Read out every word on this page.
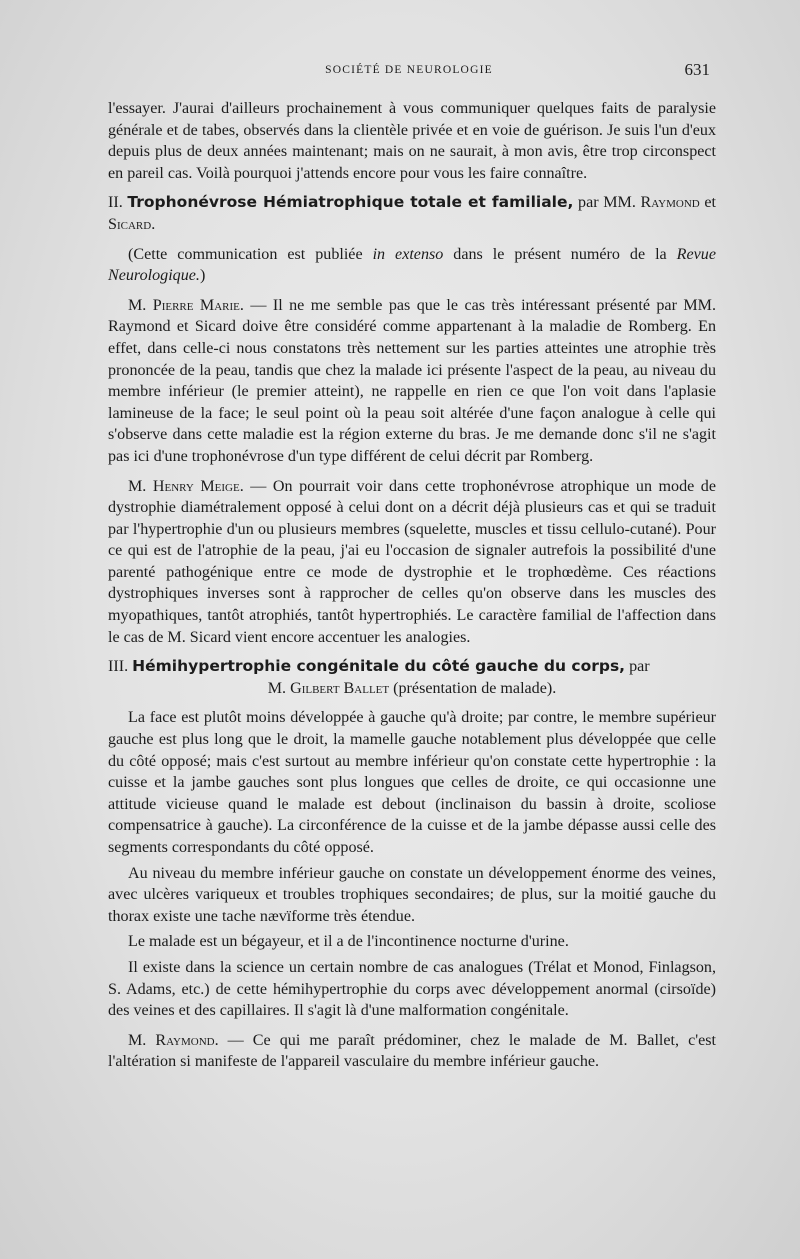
SOCIÉTÉ DE NEUROLOGIE	631

l'essayer. J'aurai d'ailleurs prochainement à vous communiquer quelques faits de paralysie générale et de tabes, observés dans la clientèle privée et en voie de guérison. Je suis l'un d'eux depuis plus de deux années maintenant; mais on ne saurait, à mon avis, être trop circonspect en pareil cas. Voilà pourquoi j'attends encore pour vous les faire connaître.

II. Trophonévrose Hémiatrophique totale et familiale, par MM. Raymond et Sicard.

(Cette communication est publiée in extenso dans le présent numéro de la Revue Neurologique.)

M. Pierre Marie. — Il ne me semble pas que le cas très intéressant présenté par MM. Raymond et Sicard doive être considéré comme appartenant à la maladie de Romberg. En effet, dans celle-ci nous constatons très nettement sur les parties atteintes une atrophie très prononcée de la peau, tandis que chez la malade ici présente l'aspect de la peau, au niveau du membre inférieur (le premier atteint), ne rappelle en rien ce que l'on voit dans l'aplasie lamineuse de la face; le seul point où la peau soit altérée d'une façon analogue à celle qui s'observe dans cette maladie est la région externe du bras. Je me demande donc s'il ne s'agit pas ici d'une trophonévrose d'un type différent de celui décrit par Romberg.

M. Henry Meige. — On pourrait voir dans cette trophonévrose atrophique un mode de dystrophie diamétralement opposé à celui dont on a décrit déjà plusieurs cas et qui se traduit par l'hypertrophie d'un ou plusieurs membres (squelette, muscles et tissu cellulo-cutané). Pour ce qui est de l'atrophie de la peau, j'ai eu l'occasion de signaler autrefois la possibilité d'une parenté pathogénique entre ce mode de dystrophie et le trophœdème. Ces réactions dystrophiques inverses sont à rapprocher de celles qu'on observe dans les muscles des myopathiques, tantôt atrophiés, tantôt hypertrophiés. Le caractère familial de l'affection dans le cas de M. Sicard vient encore accentuer les analogies.

III. Hémihypertrophie congénitale du côté gauche du corps, par

M. Gilbert Ballet (présentation de malade).

La face est plutôt moins développée à gauche qu'à droite; par contre, le membre supérieur gauche est plus long que le droit, la mamelle gauche notablement plus développée que celle du côté opposé; mais c'est surtout au membre inférieur qu'on constate cette hypertrophie : la cuisse et la jambe gauches sont plus longues que celles de droite, ce qui occasionne une attitude vicieuse quand le malade est debout (inclinaison du bassin à droite, scoliose compensatrice à gauche). La circonférence de la cuisse et de la jambe dépasse aussi celle des segments correspondants du côté opposé.

Au niveau du membre inférieur gauche on constate un développement énorme des veines, avec ulcères variqueux et troubles trophiques secondaires; de plus, sur la moitié gauche du thorax existe une tache nævïforme très étendue.

Le malade est un bégayeur, et il a de l'incontinence nocturne d'urine.

Il existe dans la science un certain nombre de cas analogues (Trélat et Monod, Finlagson, S. Adams, etc.) de cette hémihypertrophie du corps avec développement anormal (cirsoïde) des veines et des capillaires. Il s'agit là d'une malformation congénitale.

M. Raymond. — Ce qui me paraît prédominer, chez le malade de M. Ballet, c'est l'altération si manifeste de l'appareil vasculaire du membre inférieur gauche.
